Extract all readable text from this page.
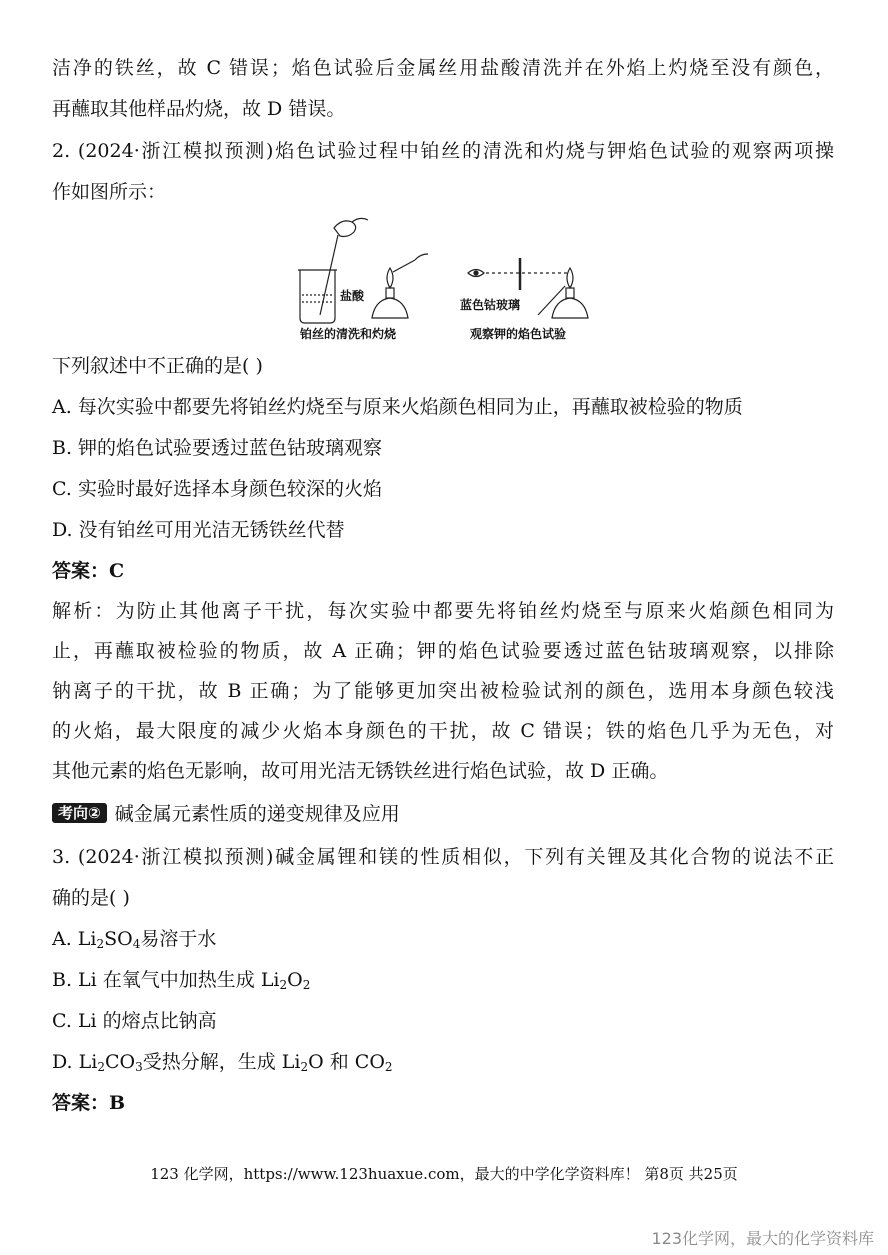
洁净的铁丝，故 C 错误；焰色试验后金属丝用盐酸清洗并在外焰上灼烧至没有颜色，
再蘸取其他样品灼烧，故 D 错误。
2. (2024·浙江模拟预测)焰色试验过程中铂丝的清洗和灼烧与钾焰色试验的观察两项操
作如图所示：
盐酸
蓝色钴玻璃
铂丝的清洗和灼烧	观察钾的焰色试验
下列叙述中不正确的是( )
A. 每次实验中都要先将铂丝灼烧至与原来火焰颜色相同为止，再蘸取被检验的物质
B. 钾的焰色试验要透过蓝色钴玻璃观察
C. 实验时最好选择本身颜色较深的火焰
D. 没有铂丝可用光洁无锈铁丝代替
答案：C
解析：为防止其他离子干扰，每次实验中都要先将铂丝灼烧至与原来火焰颜色相同为
止，再蘸取被检验的物质，故 A 正确；钾的焰色试验要透过蓝色钴玻璃观察，以排除
钠离子的干扰，故 B 正确；为了能够更加突出被检验试剂的颜色，选用本身颜色较浅
的火焰，最大限度的减少火焰本身颜色的干扰，故 C 错误；铁的焰色几乎为无色，对
其他元素的焰色无影响，故可用光洁无锈铁丝进行焰色试验，故 D 正确。
考向② 碱金属元素性质的递变规律及应用
3. (2024·浙江模拟预测)碱金属锂和镁的性质相似，下列有关锂及其化合物的说法不正
确的是( )
A. $Li_2SO_4$易溶于水
B. Li 在氧气中加热生成 $Li_2O_2$
C. Li 的熔点比钠高
D. $Li_2CO_3$受热分解，生成 $Li_2O$ 和 $CO_2$
答案：B
123 化学网，https://www.123huaxue.com，最大的中学化学资料库！ 第8页 共25页
123化学网，最大的化学资料库
